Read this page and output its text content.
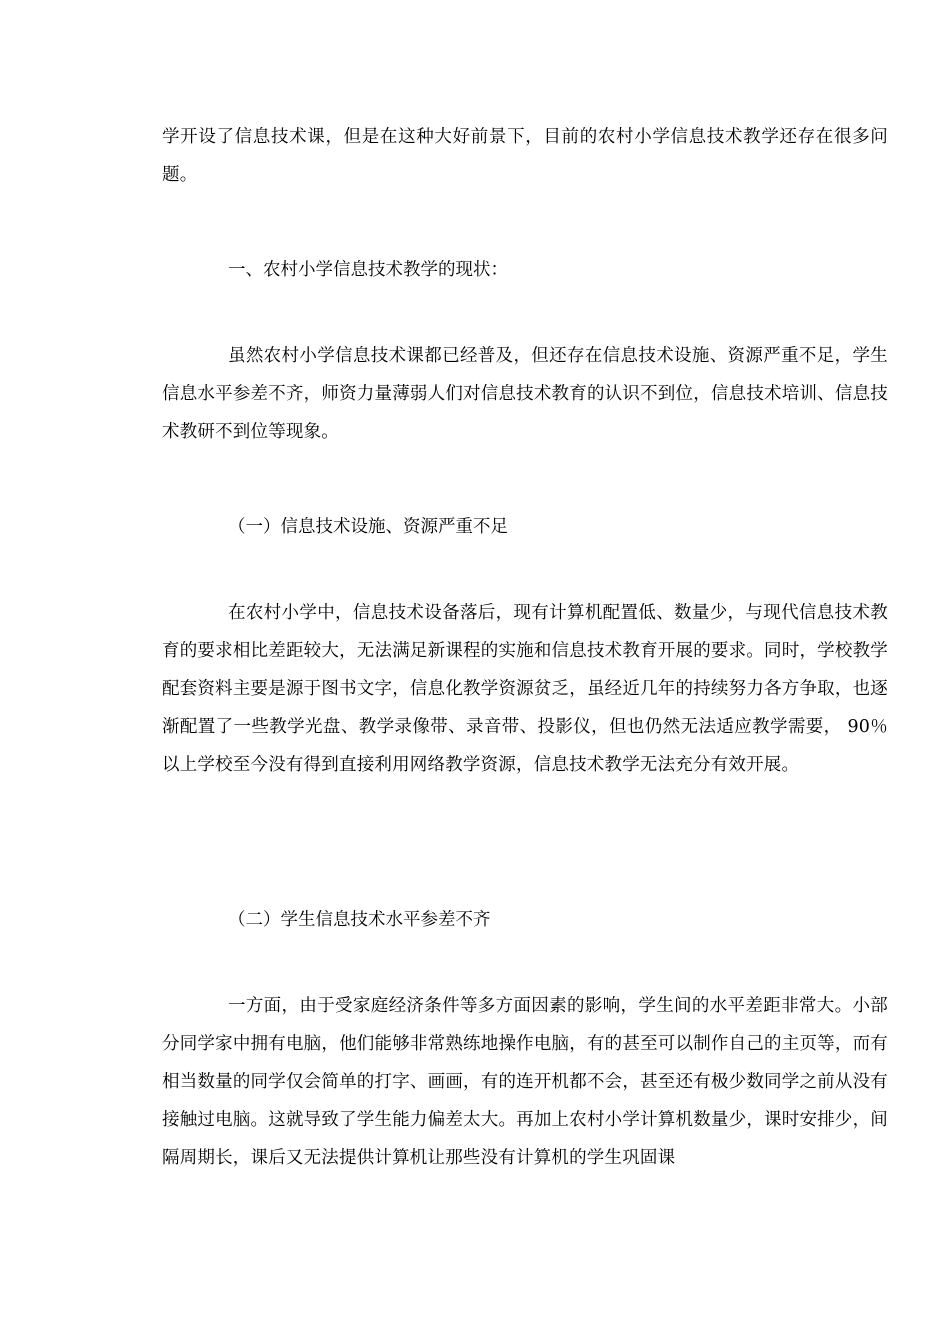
学开设了信息技术课，但是在这种大好前景下，目前的农村小学信息技术教学还存在很多问题。

一、农村小学信息技术教学的现状：

虽然农村小学信息技术课都已经普及，但还存在信息技术设施、资源严重不足，学生信息水平参差不齐，师资力量薄弱人们对信息技术教育的认识不到位，信息技术培训、信息技术教研不到位等现象。

（一）信息技术设施、资源严重不足

在农村小学中，信息技术设备落后，现有计算机配置低、数量少，与现代信息技术教育的要求相比差距较大，无法满足新课程的实施和信息技术教育开展的要求。同时，学校教学配套资料主要是源于图书文字，信息化教学资源贫乏，虽经近几年的持续努力各方争取，也逐渐配置了一些教学光盘、教学录像带、录音带、投影仪，但也仍然无法适应教学需要， 90％以上学校至今没有得到直接利用网络教学资源，信息技术教学无法充分有效开展。

（二）学生信息技术水平参差不齐

一方面，由于受家庭经济条件等多方面因素的影响，学生间的水平差距非常大。小部分同学家中拥有电脑，他们能够非常熟练地操作电脑，有的甚至可以制作自己的主页等，而有相当数量的同学仅会简单的打字、画画，有的连开机都不会，甚至还有极少数同学之前从没有接触过电脑。这就导致了学生能力偏差太大。再加上农村小学计算机数量少，课时安排少，间隔周期长，课后又无法提供计算机让那些没有计算机的学生巩固课
